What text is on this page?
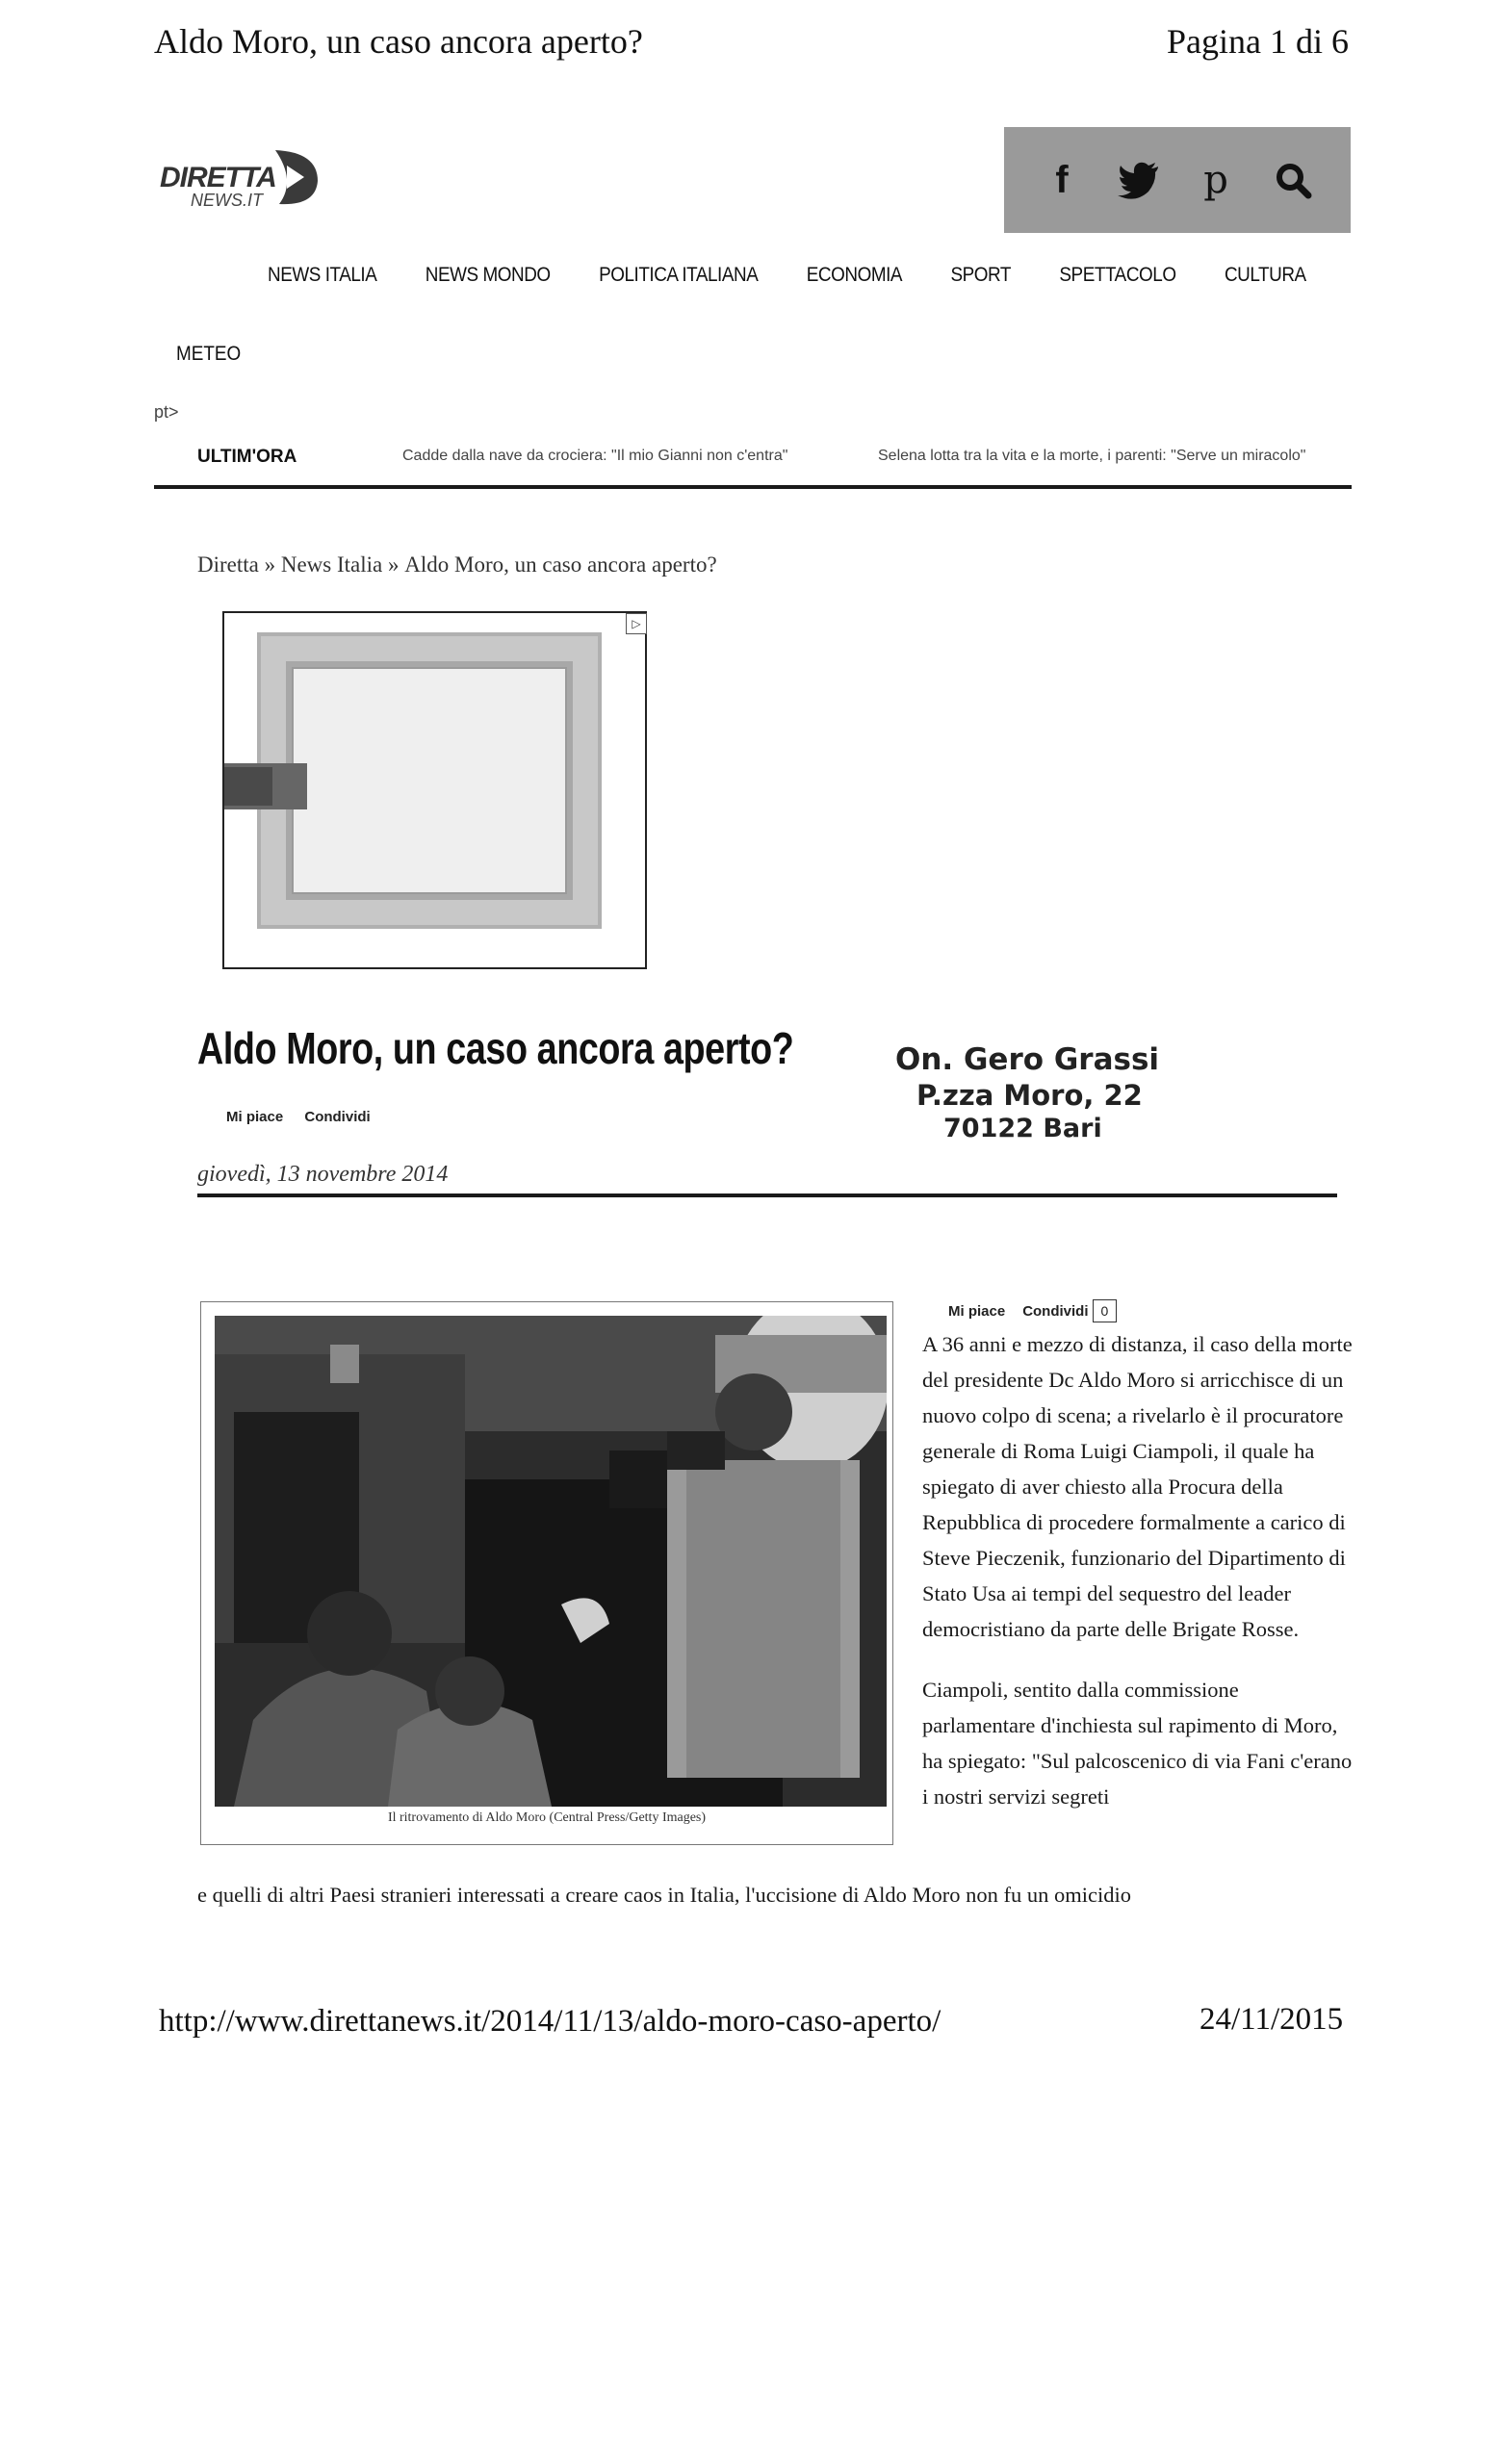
Aldo Moro, un caso ancora aperto?	Pagina 1 di 6
DIRETTA
NEWS.IT	f	p
NEWS ITALIA NEWS MONDO POLITICA ITALIANA ECONOMIA SPORT SPETTACOLO CULTURA
METEO
pt>
ULTIM'ORA	Cadde dalla nave da crociera: "Il mio Gianni non c'entra"	Selena lotta tra la vita e la morte, i parenti: "Serve un miracolo"
Diretta » News Italia » Aldo Moro, un caso ancora aperto?
▷
Aldo Moro, un caso ancora aperto?
Mi piace Condividi
On. Gero Grassi
P.zza Moro, 22
70122 Bari
giovedì, 13 novembre 2014
Il ritrovamento di Aldo Moro (Central Press/Getty Images)
Mi piace Condividi 0

A 36 anni e mezzo di distanza, il caso della morte del presidente Dc Aldo Moro si arricchisce di un nuovo colpo di scena; a rivelarlo è il procuratore generale di Roma Luigi Ciampoli, il quale ha spiegato di aver chiesto alla Procura della Repubblica di procedere formalmente a carico di Steve Pieczenik, funzionario del Dipartimento di Stato Usa ai tempi del sequestro del leader democristiano da parte delle Brigate Rosse.

Ciampoli, sentito dalla commissione parlamentare d'inchiesta sul rapimento di Moro, ha spiegato: "Sul palcoscenico di via Fani c'erano i nostri servizi segreti

e quelli di altri Paesi stranieri interessati a creare caos in Italia, l'uccisione di Aldo Moro non fu un omicidio
http://www.direttanews.it/2014/11/13/aldo-moro-caso-aperto/	24/11/2015
